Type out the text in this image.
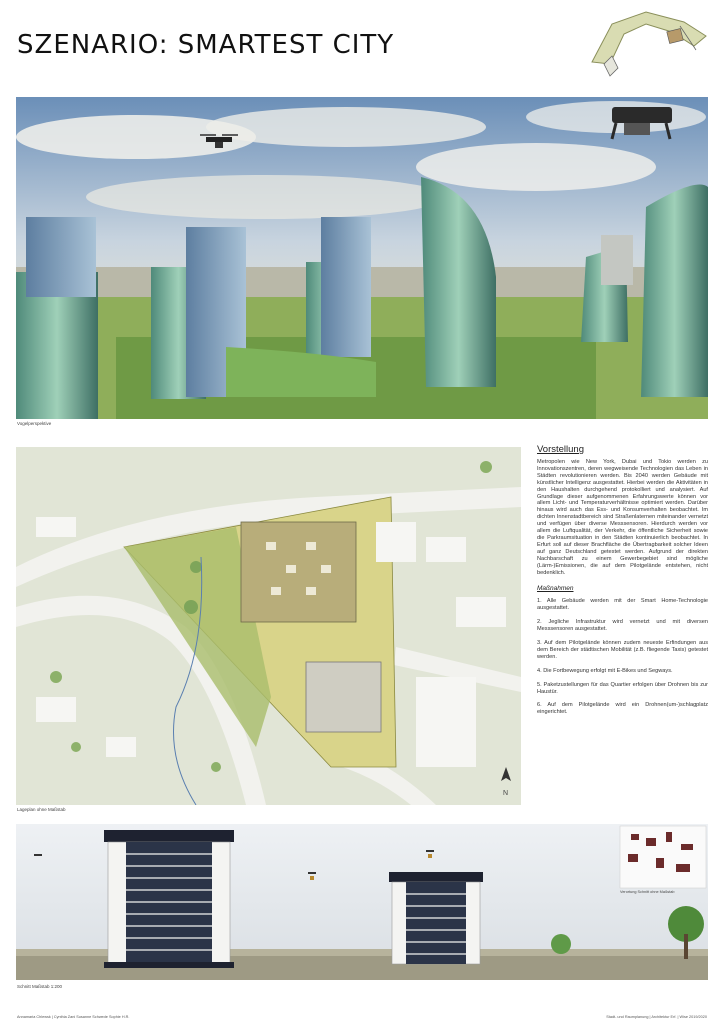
SZENARIO: SMARTEST CITY
Vogelperspektive
N
Lageplan ohne Maßstab
Vorstellung

Metropolen wie New York, Dubai und Tokio werden zu Innovationszentren, deren wegweisende Technologien das Leben in Städten revolutionieren werden. Bis 2040 werden Gebäude mit künstlicher Intelligenz ausgestattet. Hierbei werden die Aktivitäten in den Haushalten durchgehend protokolliert und analysiert. Auf Grundlage dieser aufgenommenen Erfahrungswerte können vor allem Licht- und Temperaturverhältnisse optimiert werden. Darüber hinaus wird auch das Ess- und Konsumverhalten beobachtet. Im dichten Innenstadtbereich sind Straßenlaternen miteinander vernetzt und verfügen über diverse Messsensoren. Hierdurch werden vor allem die Luftqualität, der Verkehr, die öffentliche Sicherheit sowie die Parkraumsituation in den Städten kontinuierlich beobachtet. In Erfurt soll auf dieser Brachfläche die Übertragbarkeit solcher Ideen auf ganz Deutschland getestet werden. Aufgrund der direkten Nachbarschaft zu einem Gewerbegebiet sind mögliche (Lärm-)Emissionen, die auf dem Pilotgelände entstehen, nicht bedenklich.

Maßnahmen
1. Alle Gebäude werden mit der Smart Home-Technologie ausgestattet.
2. Jegliche Infrastruktur wird vernetzt und mit diversen Messsensoren ausgestattet.
3. Auf dem Pilotgelände können zudem neueste Erfindungen aus dem Bereich der städtischen Mobilität (z.B. fliegende Taxis) getestet werden.
4. Die Fortbewegung erfolgt mit E-Bikes und Segways.
5. Paketzustellungen für das Quartier erfolgen über Drohnen bis zur Haustür.
6. Auf dem Pilotgelände wird ein Drohnen(um-)schlagplatz eingerichtet.
Verortung Schnitt ohne Maßstab
Schnitt Maßstab 1:200
Annamaria Chlewsk | Cynthia Zani Susanne Schwede Sophie H.R.	Stadt- und Raumplanung | Architektur Erf. | Wise 2019/2020
